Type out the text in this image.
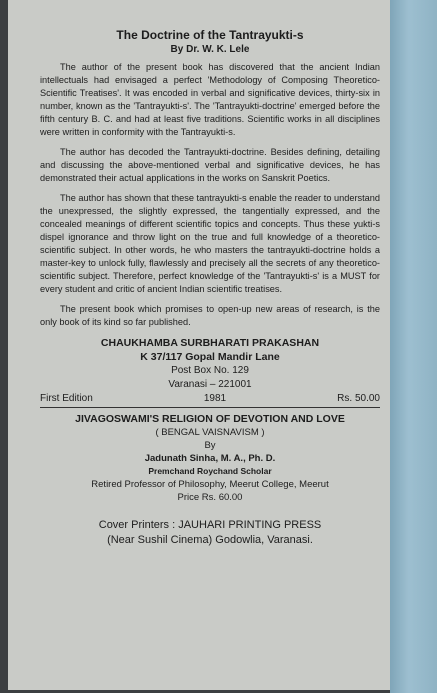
The Doctrine of the Tantrayukti-s
By Dr. W. K. Lele

The author of the present book has discovered that the ancient Indian intellectuals had envisaged a perfect 'Methodology of Composing Theoretico-Scientific Treatises'. It was encoded in verbal and significative devices, thirty-six in number, known as the 'Tantrayukti-s'. The 'Tantrayukti-doctrine' emerged before the fifth century B. C. and had at least five traditions. Scientific works in all disciplines were written in conformity with the Tantrayukti-s.

The author has decoded the Tantrayukti-doctrine. Besides defining, detailing and discussing the above-mentioned verbal and significative devices, he has demonstrated their actual applications in the works on Sanskrit Poetics.

The author has shown that these tantrayukti-s enable the reader to understand the unexpressed, the slightly expressed, the tangentially expressed, and the concealed meanings of different scientific topics and concepts. Thus these yukti-s dispel ignorance and throw light on the true and full knowledge of a theoretico-scientific subject. In other words, he who masters the tantrayukti-doctrine holds a master-key to unlock fully, flawlessly and precisely all the secrets of any theoretico-scientific subject. Therefore, perfect knowledge of the 'Tantrayukti-s' is a MUST for every student and critic of ancient Indian scientific treatises.

The present book which promises to open-up new areas of research, is the only book of its kind so far published.

CHAUKHAMBA SURBHARATI PRAKASHAN
K 37/117 Gopal Mandir Lane
Post Box No. 129
Varanasi – 221001
First Edition	1981	Rs. 50.00
JIVAGOSWAMI'S RELIGION OF DEVOTION AND LOVE
( BENGAL VAISNAVISM )
By
Jadunath Sinha, M. A., Ph. D.
Premchand Roychand Scholar
Retired Professor of Philosophy, Meerut College, Meerut
Price Rs. 60.00
Cover Printers : JAUHARI PRINTING PRESS
(Near Sushil Cinema) Godowlia, Varanasi.
